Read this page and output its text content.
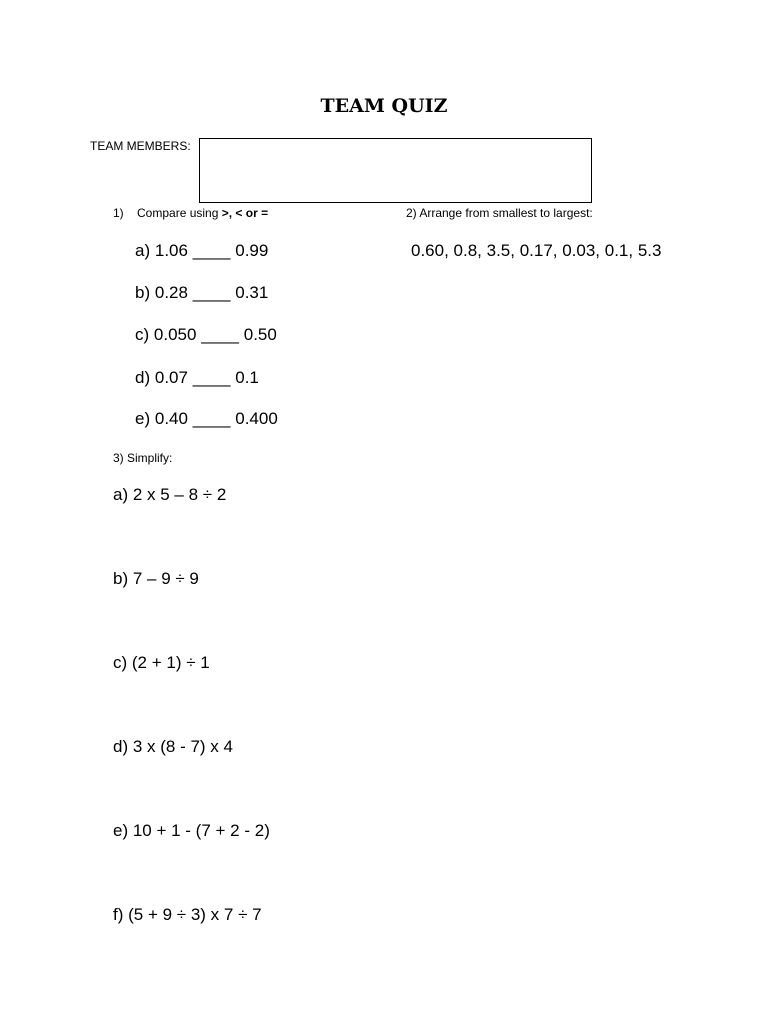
TEAM QUIZ
TEAM MEMBERS:
1) Compare using >, < or =
a) 1.06 ____ 0.99
b) 0.28 ____ 0.31
c) 0.050 ____ 0.50
d) 0.07 ____ 0.1
e) 0.40 ____ 0.400
2) Arrange from smallest to largest:
0.60, 0.8, 3.5, 0.17, 0.03, 0.1, 5.3
3) Simplify:
a) 2 x 5 – 8 ÷ 2
b) 7 – 9 ÷ 9
c) (2 + 1) ÷ 1
d) 3 x (8 - 7) x 4
e) 10 + 1 - (7 + 2 - 2)
f) (5 + 9 ÷ 3) x 7 ÷ 7
